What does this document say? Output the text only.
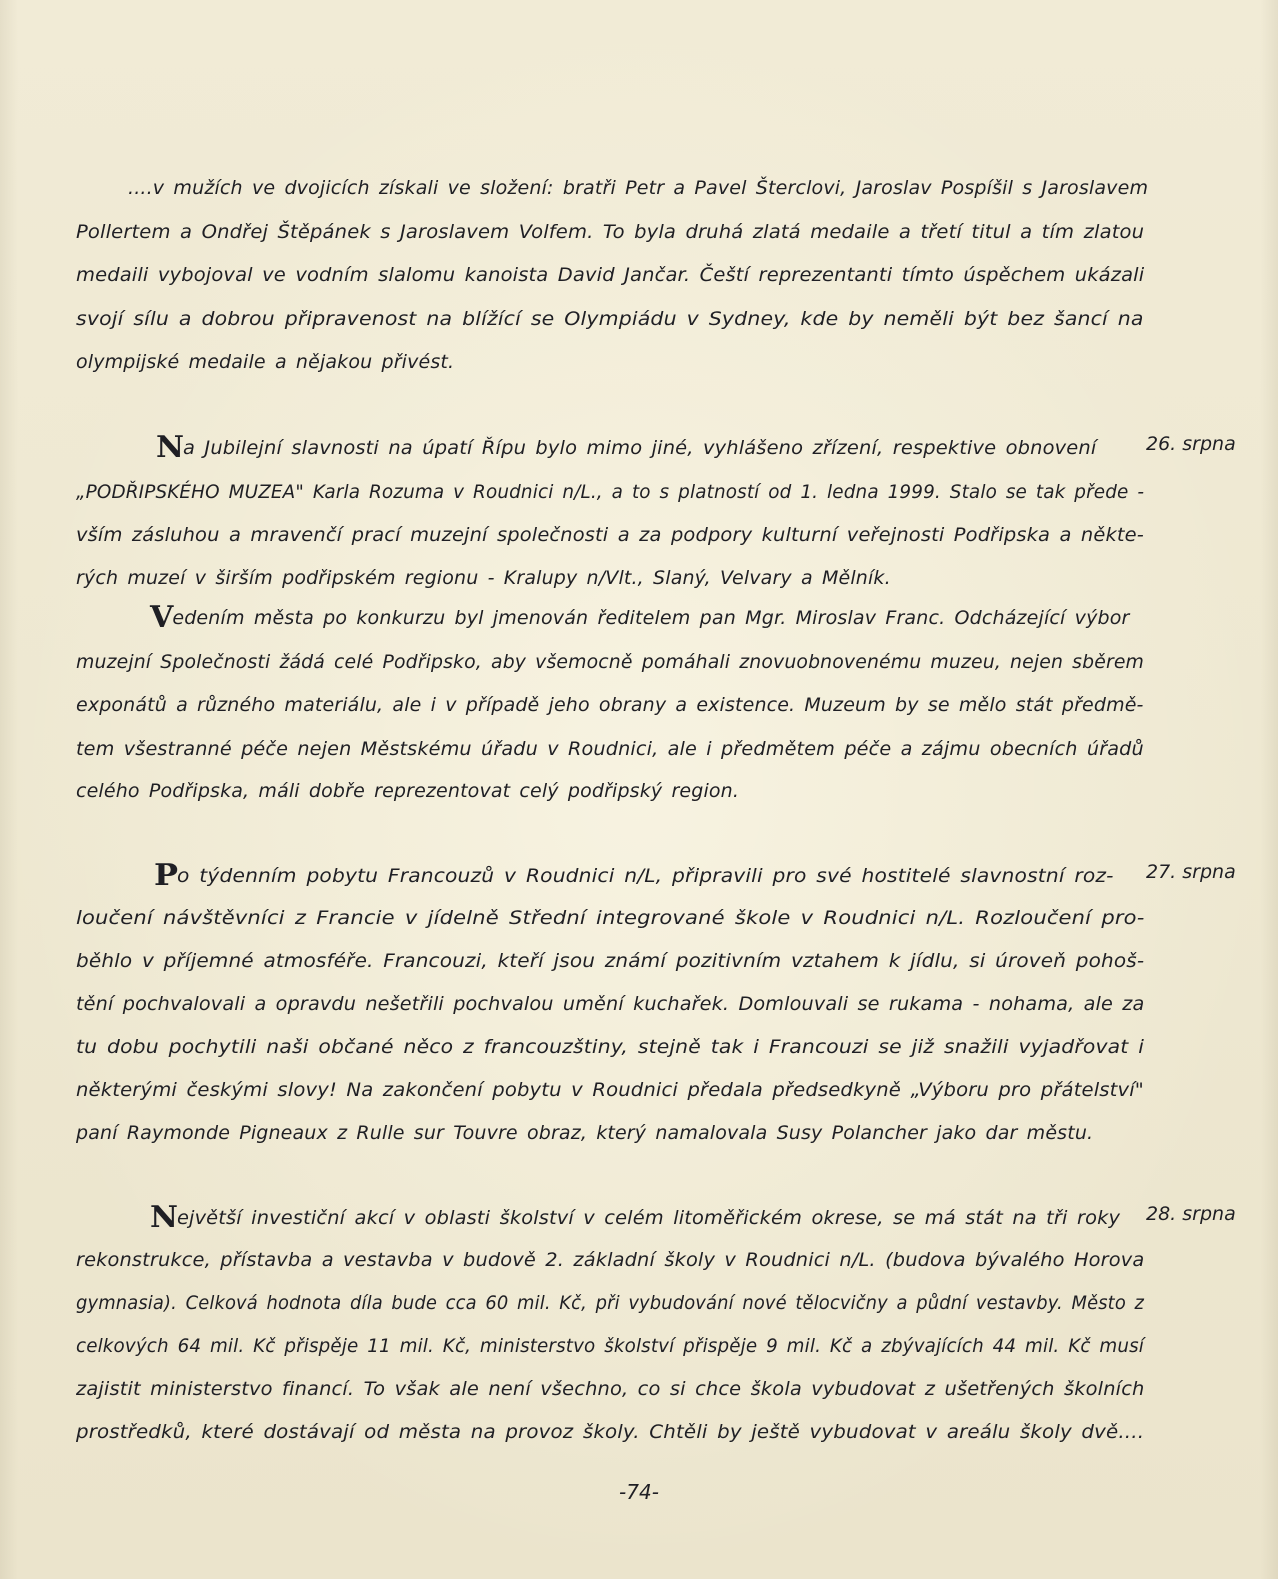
....v mužích ve dvojicích získali ve složení: bratři Petr a Pavel Šterclovi, Jaroslav Pospíšil s Jaroslavem
Pollertem a Ondřej Štěpánek s Jaroslavem Volfem. To byla druhá zlatá medaile a třetí titul a tím zlatou
medaili vybojoval ve vodním slalomu kanoista David Jančar. Čeští reprezentanti tímto úspěchem ukázali
svojí sílu a dobrou připravenost na blížící se Olympiádu v Sydney, kde by neměli být bez šancí na
olympijské medaile a nějakou přivést.
26. srpna
Na Jubilejní slavnosti na úpatí Řípu bylo mimo jiné, vyhlášeno zřízení, respektive obnovení
„PODŘIPSKÉHO MUZEA" Karla Rozuma v Roudnici n/L., a to s platností od 1. ledna 1999. Stalo se tak přede -
vším zásluhou a mravenčí prací muzejní společnosti a za podpory kulturní veřejnosti Podřipska a někte-
rých muzeí v širším podřipském regionu - Kralupy n/Vlt., Slaný, Velvary a Mělník.
Vedením města po konkurzu byl jmenován ředitelem pan Mgr. Miroslav Franc. Odcházející výbor
muzejní Společnosti žádá celé Podřipsko, aby všemocně pomáhali znovuobnovenému muzeu, nejen sběrem
exponátů a různého materiálu, ale i v případě jeho obrany a existence. Muzeum by se mělo stát předmě-
tem všestranné péče nejen Městskému úřadu v Roudnici, ale i předmětem péče a zájmu obecních úřadů
celého Podřipska, máli dobře reprezentovat celý podřipský region.
27. srpna
Po týdenním pobytu Francouzů v Roudnici n/L, připravili pro své hostitelé slavnostní roz-
loučení návštěvníci z Francie v jídelně Střední integrované škole v Roudnici n/L. Rozloučení pro-
běhlo v příjemné atmosféře. Francouzi, kteří jsou známí pozitivním vztahem k jídlu, si úroveň pohoš-
tění pochvalovali a opravdu nešetřili pochvalou umění kuchařek. Domlouvali se rukama - nohama, ale za
tu dobu pochytili naši občané něco z francouzštiny, stejně tak i Francouzi se již snažili vyjadřovat i
některými českými slovy! Na zakončení pobytu v Roudnici předala předsedkyně „Výboru pro přátelství"
paní Raymonde Pigneaux z Rulle sur Touvre obraz, který namalovala Susy Polancher jako dar městu.
28. srpna
Největší investiční akcí v oblasti školství v celém litoměřickém okrese, se má stát na tři roky
rekonstrukce, přístavba a vestavba v budově 2. základní školy v Roudnici n/L. (budova bývalého Horova
gymnasia). Celková hodnota díla bude cca 60 mil. Kč, při vybudování nové tělocvičny a půdní vestavby. Město z
celkových 64 mil. Kč přispěje 11 mil. Kč, ministerstvo školství přispěje 9 mil. Kč a zbývajících 44 mil. Kč musí
zajistit ministerstvo financí. To však ale není všechno, co si chce škola vybudovat z ušetřených školních
prostředků, které dostávají od města na provoz školy. Chtěli by ještě vybudovat v areálu školy dvě....
-74-
